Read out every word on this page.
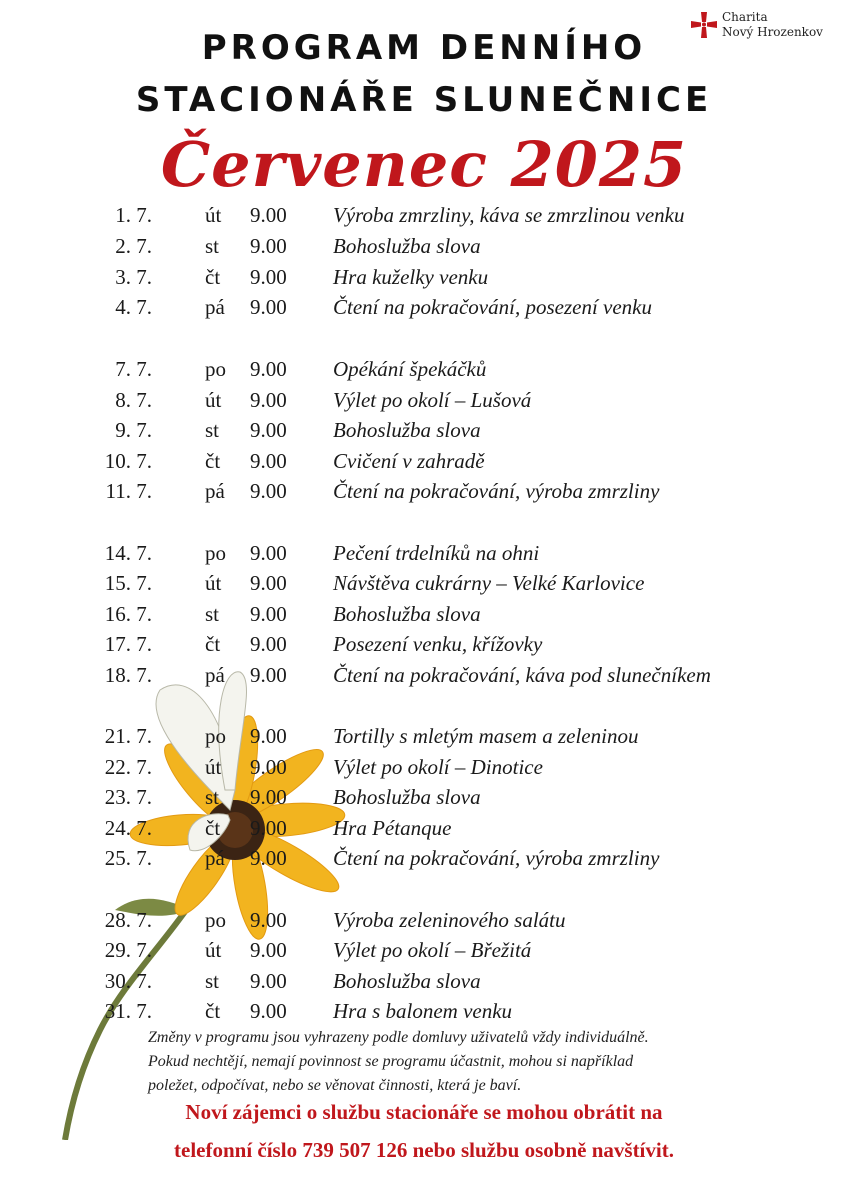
Charita
Nový Hrozenkov
PROGRAM DENNÍHO
STACIONÁŘE SLUNEČNICE
Červenec 2025
1. 7.	út	9.00	Výroba zmrzliny, káva se zmrzlinou venku
2. 7.	st	9.00	Bohoslužba slova
3. 7.	čt	9.00	Hra kuželky venku
4. 7.	pá	9.00	Čtení na pokračování, posezení venku
7. 7.	po	9.00	Opékání špekáčků
8. 7.	út	9.00	Výlet po okolí – Lušová
9. 7.	st	9.00	Bohoslužba slova
10. 7.	čt	9.00	Cvičení v zahradě
11. 7.	pá	9.00	Čtení na pokračování, výroba zmrzliny
14. 7.	po	9.00	Pečení trdelníků na ohni
15. 7.	út	9.00	Návštěva cukrárny – Velké Karlovice
16. 7.	st	9.00	Bohoslužba slova
17. 7.	čt	9.00	Posezení venku, křížovky
18. 7.	pá	9.00	Čtení na pokračování, káva pod slunečníkem
21. 7.	po	9.00	Tortilly s mletým masem a zeleninou
22. 7.	út	9.00	Výlet po okolí – Dinotice
23. 7.	st	9.00	Bohoslužba slova
24. 7.	čt	9.00	Hra Pétanque
25. 7.	pá	9.00	Čtení na pokračování, výroba zmrzliny
28. 7.	po	9.00	Výroba zeleninového salátu
29. 7.	út	9.00	Výlet po okolí – Břežitá
30. 7.	st	9.00	Bohoslužba slova
31. 7.	čt	9.00	Hra s balonem venku
Změny v programu jsou vyhrazeny podle domluvy uživatelů vždy individuálně.
Pokud nechtějí, nemají povinnost se programu účastnit, mohou si například
poležet, odpočívat, nebo se věnovat činnosti, která je baví.
Noví zájemci o službu stacionáře se mohou obrátit na
telefonní číslo 739 507 126 nebo službu osobně navštívit.
